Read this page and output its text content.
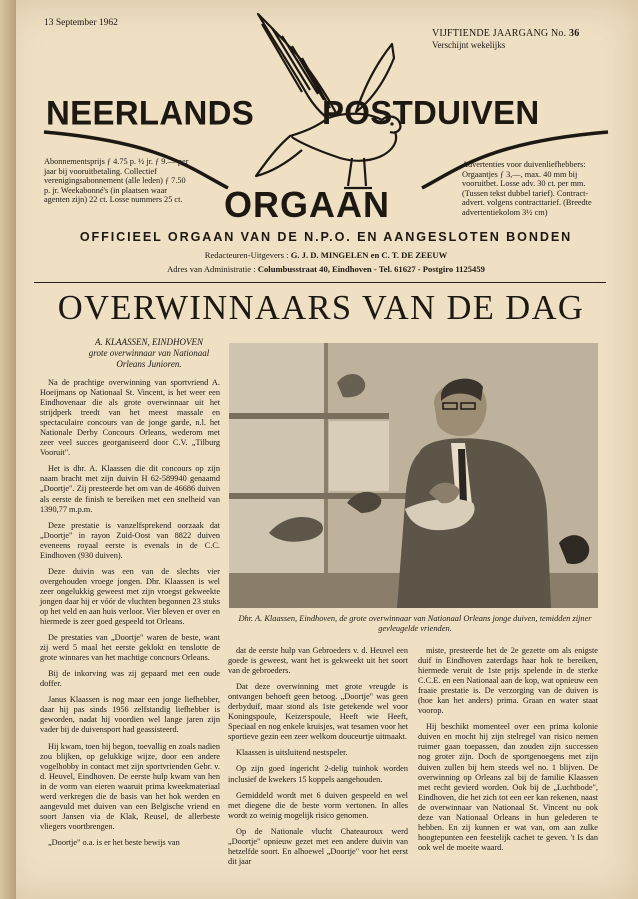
13 September 1962
VIJFTIENDE JAARGANG No. 36
Verschijnt wekelijks
NEERLANDS POSTDUIVEN
ORGAAN
Abonnementsprijs ƒ 4.75 p. ½ jr. ƒ 9.— per jaar bij vooruitbetaling. Collectief verenigingsabonnement (alle leden) ƒ 7.50 p. jr. Weekabonné's (in plaatsen waar agenten zijn) 22 ct. Losse nummers 25 ct.
Advertenties voor duivenliefhebbers: Orgaantjes ƒ 3,—, max. 40 mm bij vooruitbet. Losse adv. 30 ct. per mm. (Tussen tekst dubbel tarief). Contract-advert. volgens contracttarief. (Breedte advertentiekolom 3½ cm)
OFFICIEEL ORGAAN VAN DE N.P.O. EN AANGESLOTEN BONDEN
Redacteuren-Uitgevers : G. J. D. MINGELEN en C. T. DE ZEEUW
Adres van Administratie : Columbusstraat 40, Eindhoven - Tel. 61627 - Postgiro 1125459
OVERWINNAARS VAN DE DAG
A. KLAASSEN, EINDHOVEN
grote overwinnaar van Nationaal Orleans Junioren.
Dhr. A. Klaassen, Eindhoven, de grote overwinnaar van Nationaal Orleans jonge duiven, temidden zijner gevleugelde vrienden.

Na de prachtige overwinning van sportvriend A. Hoeijmans op Nationaal St. Vincent, is het weer een Eindhovenaar die als grote overwinnaar uit het strijdperk treedt van het meest massale en spectaculaire concours van de jonge garde, n.l. het Nationale Derby Concours Orleans, wederom met zeer veel succes georganiseerd door C.V. „Tilburg Vooruit".

Het is dhr. A. Klaassen die dit concours op zijn naam bracht met zijn duivin H 62-589940 genaamd „Doortje". Zij presteerde het om van de 46686 duiven als eerste de finish te bereiken met een snelheid van 1390,77 m.p.m.

Deze prestatie is vanzelfsprekend oorzaak dat „Doortje" in rayon Zuid-Oost van 8822 duiven eveneens royaal eerste is evenals in de C.C. Eindhoven (930 duiven).

Deze duivin was een van de slechts vier overgehouden vroege jongen. Dhr. Klaassen is wel zeer ongelukkig geweest met zijn vroegst gekweekte jongen daar hij er vóór de vluchten begonnen 23 stuks op het veld en aan huis verloor. Vier bleven er over en hiermede is zeer goed gespeeld tot Orleans.

De prestaties van „Doortje" waren de beste, want zij werd 5 maal het eerste geklokt en tenslotte de grote winnares van het machtige concours Orleans.

Bij de inkorving was zij gepaard met een oude doffer.

Janus Klaassen is nog maar een jonge liefhebber, daar hij pas sinds 1956 zelfstandig liefhebber is geworden, nadat hij voordien wel lange jaren zijn vader bij de duivensport had geassisteerd.

Hij kwam, toen hij begon, toevallig en zoals nadien zou blijken, op gelukkige wijze, door een andere vogelhobby in contact met zijn sportvrienden Gebr. v. d. Heuvel, Eindhoven. De eerste hulp kwam van hen in de vorm van eieren waaruit prima kweekmateriaal werd verkregen die de basis van het hok werden en aangevuld met duiven van een Belgische vriend en soort Jansen via de Klak, Reusel, de allerbeste vliegers voortbrengen.

„Doortje" o.a. is er het beste bewijs van

dat de eerste hulp van Gebroeders v. d. Heuvel een goede is geweest, want het is gekweekt uit het soort van de gebroeders.

Dat deze overwinning met grote vreugde is ontvangen behoeft geen betoog. „Doortje" was geen derbyduif, maar stond als 1ste getekende wel voor Koningspoule, Keizerspoule, Heeft wie Heeft, Speciaal en nog enkele kruisjes, wat tesamen voor het sportieve gezin een zeer welkom douceurtje uitmaakt.

Klaassen is uitsluitend nestspeler.

Op zijn goed ingericht 2-delig tuinhok worden inclusief de kwekers 15 koppels aangehouden.

Gemiddeld wordt met 6 duiven gespeeld en wel met diegene die de beste vorm vertonen. In alles wordt zo weinig mogelijk risico genomen.

Op de Nationale vlucht Chateauroux werd „Doortje" opnieuw gezet met een andere duivin van hetzelfde soort. En alhoewel „Doortje" voor het eerst dit jaar

miste, presteerde het de 2e gezette om als enigste duif in Eindhoven zaterdags haar hok te bereiken, hiermede veruit de 1ste prijs spelende in de sterke C.C.E. en een Nationaal aan de kop, wat opnieuw een fraaie prestatie is. De verzorging van de duiven is (hoe kan het anders) prima. Graan en water staat voorop.

Hij beschikt momenteel over een prima kolonie duiven en mocht hij zijn stelregel van risico nemen ruimer gaan toepassen, dan zouden zijn successen nog groter zijn. Doch de sportgenoegens met zijn duiven zullen bij hem steeds wel no. 1 blijven. De overwinning op Orleans zal bij de familie Klaassen met recht gevierd worden. Ook bij de „Luchtbode", Eindhoven, die het zich tot een eer kan rekenen, naast de overwinnaar van Nationaal St. Vincent nu ook deze van Nationaal Orleans in hun gelederen te hebben. En zij kunnen er wat van, om aan zulke hoogtepunten een feestelijk cachet te geven. 't Is dan ook wel de moeite waard.
